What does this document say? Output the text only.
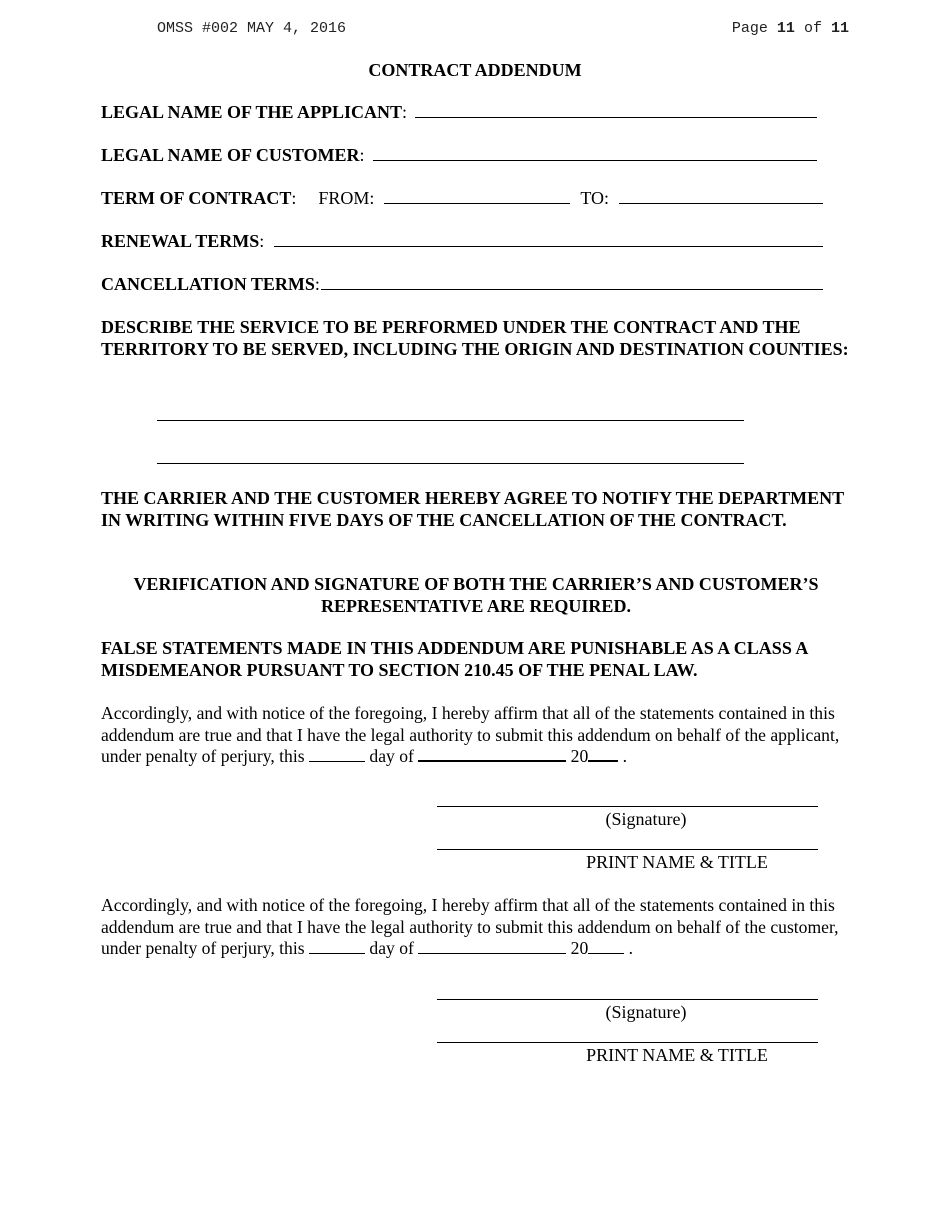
OMSS #002 MAY 4, 2016	Page 11 of 11
CONTRACT ADDENDUM
LEGAL NAME OF THE APPLICANT :
LEGAL NAME OF CUSTOMER :
TERM OF CONTRACT : FROM:	TO:
RENEWAL TERMS :
CANCELLATION TERMS :
DESCRIBE THE SERVICE TO BE PERFORMED UNDER THE CONTRACT AND THE TERRITORY TO BE SERVED, INCLUDING THE ORIGIN AND DESTINATION COUNTIES:
THE CARRIER AND THE CUSTOMER HEREBY AGREE TO NOTIFY THE DEPARTMENT IN WRITING WITHIN FIVE DAYS OF THE CANCELLATION OF THE CONTRACT.
VERIFICATION AND SIGNATURE OF BOTH THE CARRIER’S AND CUSTOMER’S REPRESENTATIVE ARE REQUIRED.
FALSE STATEMENTS MADE IN THIS ADDENDUM ARE PUNISHABLE AS A CLASS A MISDEMEANOR PURSUANT TO SECTION 210.45 OF THE PENAL LAW.
Accordingly, and with notice of the foregoing, I hereby affirm that all of the statements contained in this addendum are true and that I have the legal authority to submit this addendum on behalf of the applicant, under penalty of perjury, this	day of	20 .
(Signature)
PRINT NAME & TITLE
Accordingly, and with notice of the foregoing, I hereby affirm that all of the statements contained in this addendum are true and that I have the legal authority to submit this addendum on behalf of the customer, under penalty of perjury, this	day of	20 .
(Signature)
PRINT NAME & TITLE
